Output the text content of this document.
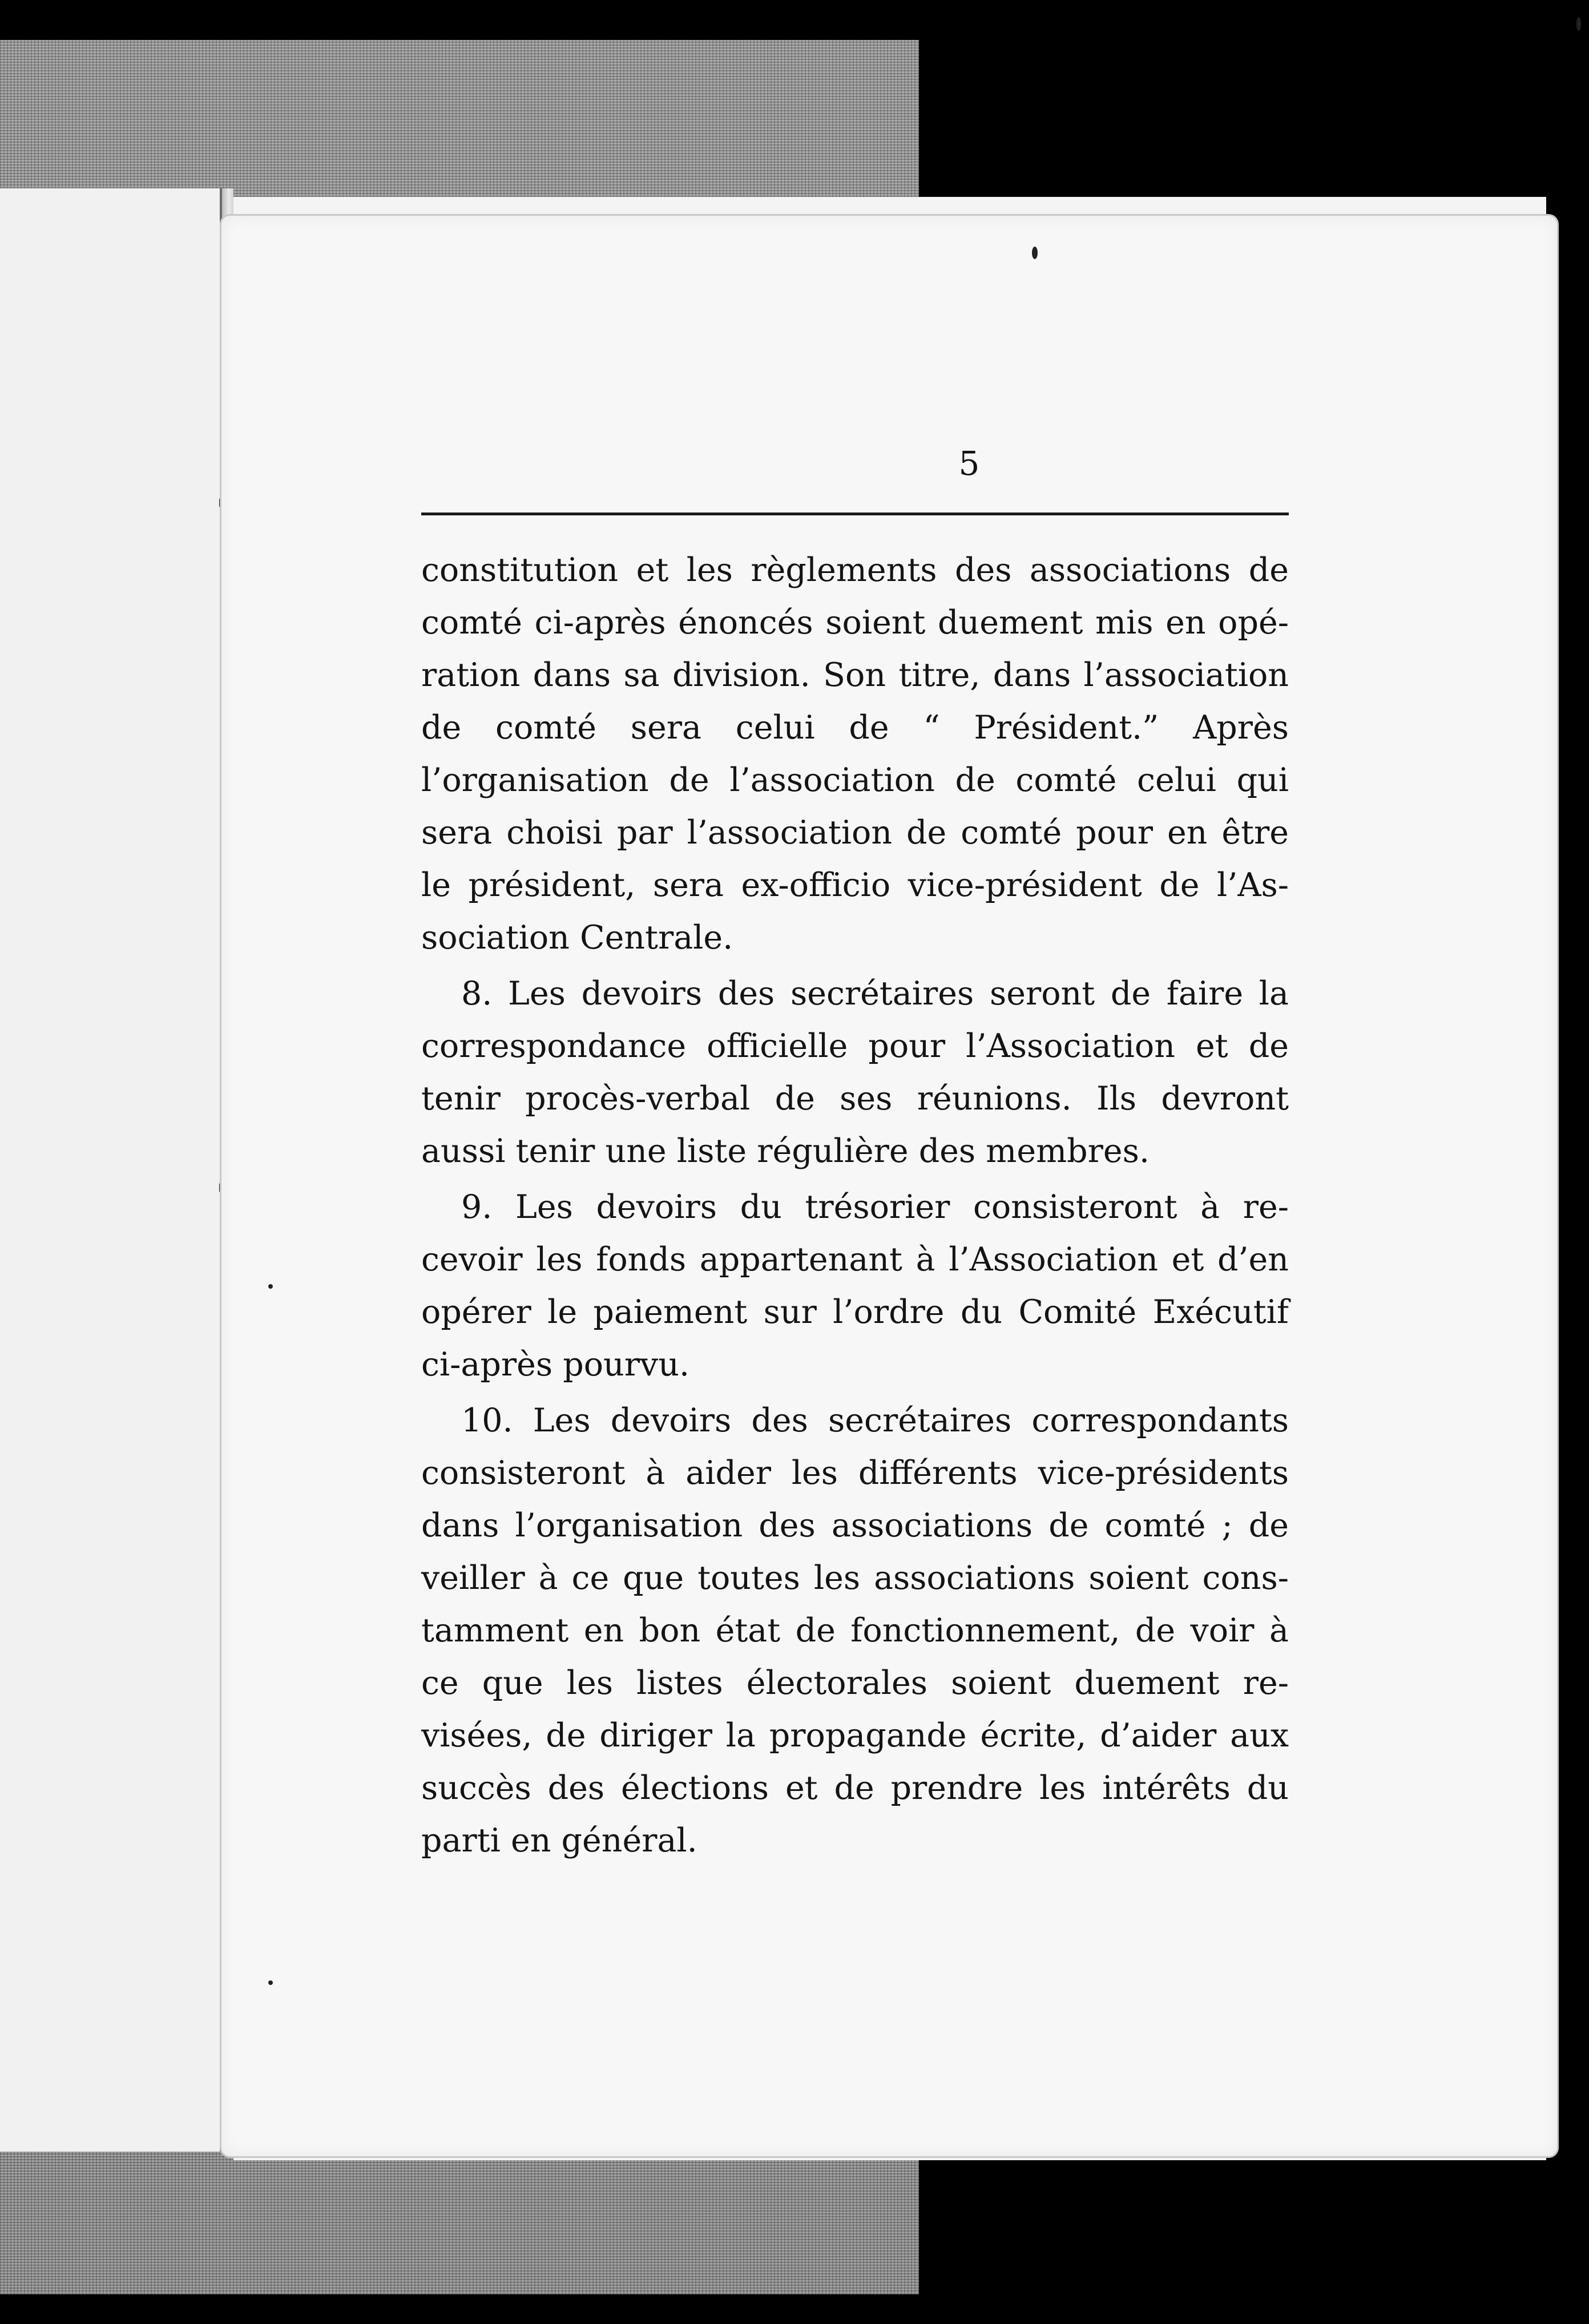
5

constitution et les règlements des associations de comté ci-après énoncés soient duement mis en opération dans sa division. Son titre, dans l’association de comté sera celui de “ Président.” Après l’organisation de l’association de comté celui qui sera choisi par l’association de comté pour en être le président, sera ex-officio vice-président de l’Association Centrale.

8. Les devoirs des secrétaires seront de faire la correspondance officielle pour l’Association et de tenir procès-verbal de ses réunions. Ils devront aussi tenir une liste régulière des membres.

9. Les devoirs du trésorier consisteront à recevoir les fonds appartenant à l’Association et d’en opérer le paiement sur l’ordre du Comité Exécutif ci-après pourvu.

10. Les devoirs des secrétaires correspondants consisteront à aider les différents vice-présidents dans l’organisation des associations de comté ; de veiller à ce que toutes les associations soient constamment en bon état de fonctionnement, de voir à ce que les listes électorales soient duement revisées, de diriger la propagande écrite, d’aider aux succès des élections et de prendre les intérêts du parti en général.
